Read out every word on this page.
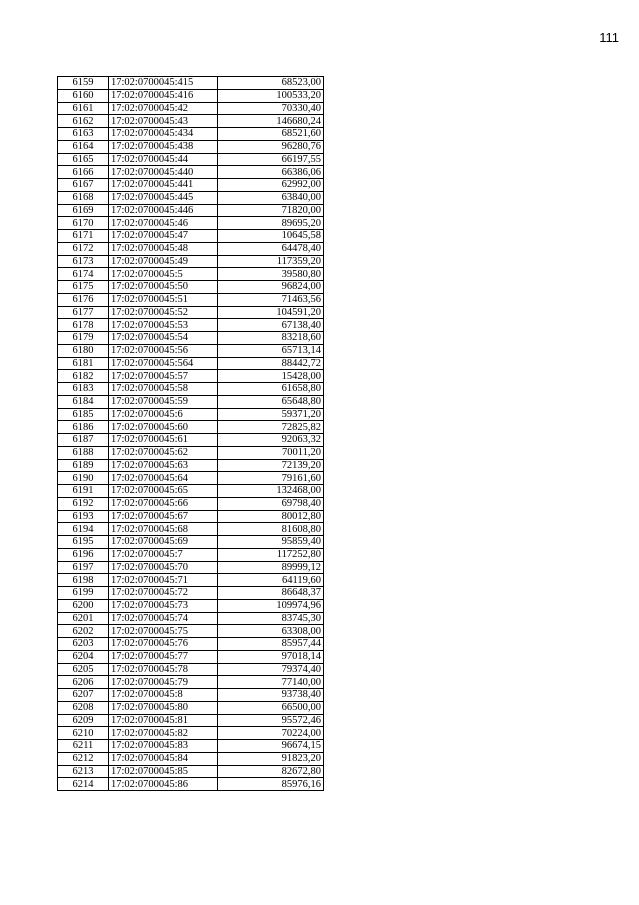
111
6159	17:02:0700045:415	68523,00
6160	17:02:0700045:416	100533,20
6161	17:02:0700045:42	70330,40
6162	17:02:0700045:43	146680,24
6163	17:02:0700045:434	68521,60
6164	17:02:0700045:438	96280,76
6165	17:02:0700045:44	66197,55
6166	17:02:0700045:440	66386,06
6167	17:02:0700045:441	62992,00
6168	17:02:0700045:445	63840,00
6169	17:02:0700045:446	71820,00
6170	17:02:0700045:46	89695,20
6171	17:02:0700045:47	10645,58
6172	17:02:0700045:48	64478,40
6173	17:02:0700045:49	117359,20
6174	17:02:0700045:5	39580,80
6175	17:02:0700045:50	96824,00
6176	17:02:0700045:51	71463,56
6177	17:02:0700045:52	104591,20
6178	17:02:0700045:53	67138,40
6179	17:02:0700045:54	83218,60
6180	17:02:0700045:56	65713,14
6181	17:02:0700045:564	88442,72
6182	17:02:0700045:57	15428,00
6183	17:02:0700045:58	61658,80
6184	17:02:0700045:59	65648,80
6185	17:02:0700045:6	59371,20
6186	17:02:0700045:60	72825,82
6187	17:02:0700045:61	92063,32
6188	17:02:0700045:62	70011,20
6189	17:02:0700045:63	72139,20
6190	17:02:0700045:64	79161,60
6191	17:02:0700045:65	132468,00
6192	17:02:0700045:66	69798,40
6193	17:02:0700045:67	80012,80
6194	17:02:0700045:68	81608,80
6195	17:02:0700045:69	95859,40
6196	17:02:0700045:7	117252,80
6197	17:02:0700045:70	89999,12
6198	17:02:0700045:71	64119,60
6199	17:02:0700045:72	86648,37
6200	17:02:0700045:73	109974,96
6201	17:02:0700045:74	83745,30
6202	17:02:0700045:75	63308,00
6203	17:02:0700045:76	85957,44
6204	17:02:0700045:77	97018,14
6205	17:02:0700045:78	79374,40
6206	17:02:0700045:79	77140,00
6207	17:02:0700045:8	93738,40
6208	17:02:0700045:80	66500,00
6209	17:02:0700045:81	95572,46
6210	17:02:0700045:82	70224,00
6211	17:02:0700045:83	96674,15
6212	17:02:0700045:84	91823,20
6213	17:02:0700045:85	82672,80
6214	17:02:0700045:86	85976,16
